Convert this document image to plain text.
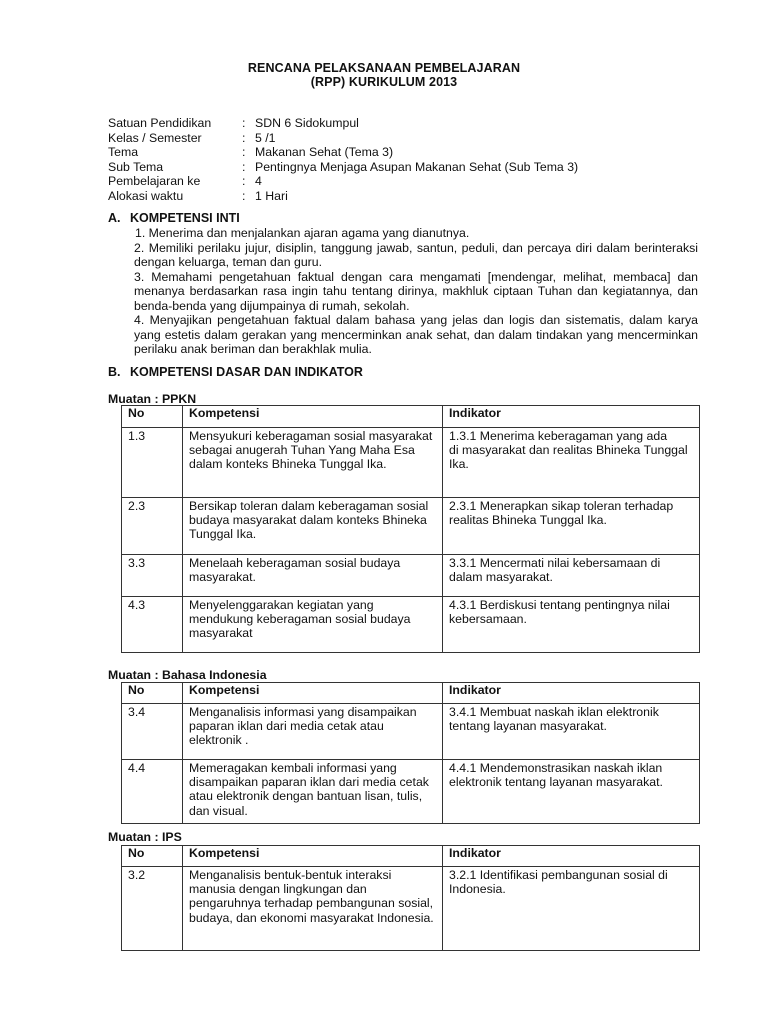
RENCANA PELAKSANAAN PEMBELAJARAN
(RPP) KURIKULUM 2013
Satuan Pendidikan	: SDN 6 Sidokumpul
Kelas / Semester	: 5 /1
Tema	: Makanan Sehat (Tema 3)
Sub Tema	: Pentingnya Menjaga Asupan Makanan Sehat (Sub Tema 3)
Pembelajaran ke	: 4
Alokasi waktu	: 1 Hari
A. KOMPETENSI INTI
1. Menerima dan menjalankan ajaran agama yang dianutnya.
2. Memiliki perilaku jujur, disiplin, tanggung jawab, santun, peduli, dan percaya diri dalam berinteraksi dengan keluarga, teman dan guru.
3. Memahami pengetahuan faktual dengan cara mengamati [mendengar, melihat, membaca] dan menanya berdasarkan rasa ingin tahu tentang dirinya, makhluk ciptaan Tuhan dan kegiatannya, dan benda-benda yang dijumpainya di rumah, sekolah.
4. Menyajikan pengetahuan faktual dalam bahasa yang jelas dan logis dan sistematis, dalam karya yang estetis dalam gerakan yang mencerminkan anak sehat, dan dalam tindakan yang mencerminkan perilaku anak beriman dan berakhlak mulia.
B. KOMPETENSI DASAR DAN INDIKATOR
Muatan : PPKN
No	Kompetensi	Indikator
1.3	Mensyukuri keberagaman sosial masyarakat sebagai anugerah Tuhan Yang Maha Esa dalam konteks Bhineka Tunggal Ika.	1.3.1 Menerima keberagaman yang ada
di masyarakat dan realitas Bhineka Tunggal Ika.

2.3	Bersikap toleran dalam keberagaman sosial budaya masyarakat dalam konteks Bhineka Tunggal Ika.	2.3.1 Menerapkan sikap toleran terhadap
realitas Bhineka Tunggal Ika.

3.3	Menelaah keberagaman sosial budaya masyarakat.	3.3.1 Mencermati nilai kebersamaan di dalam masyarakat.

4.3	Menyelenggarakan kegiatan yang mendukung keberagaman sosial budaya masyarakat	4.3.1 Berdiskusi tentang pentingnya nilai
kebersamaan.
Muatan : Bahasa Indonesia
No	Kompetensi	Indikator
3.4	Menganalisis informasi yang disampaikan paparan iklan dari media cetak atau elektronik .	3.4.1 Membuat naskah iklan elektronik tentang layanan masyarakat.

4.4	Memeragakan kembali informasi yang disampaikan paparan iklan dari media cetak atau elektronik dengan bantuan lisan, tulis, dan visual.	4.4.1 Mendemonstrasikan naskah iklan elektronik tentang layanan masyarakat.
Muatan : IPS
No	Kompetensi	Indikator
3.2	Menganalisis bentuk-bentuk interaksi manusia dengan lingkungan dan pengaruhnya terhadap pembangunan sosial, budaya, dan ekonomi masyarakat Indonesia.	3.2.1 Identifikasi pembangunan sosial di
Indonesia.
